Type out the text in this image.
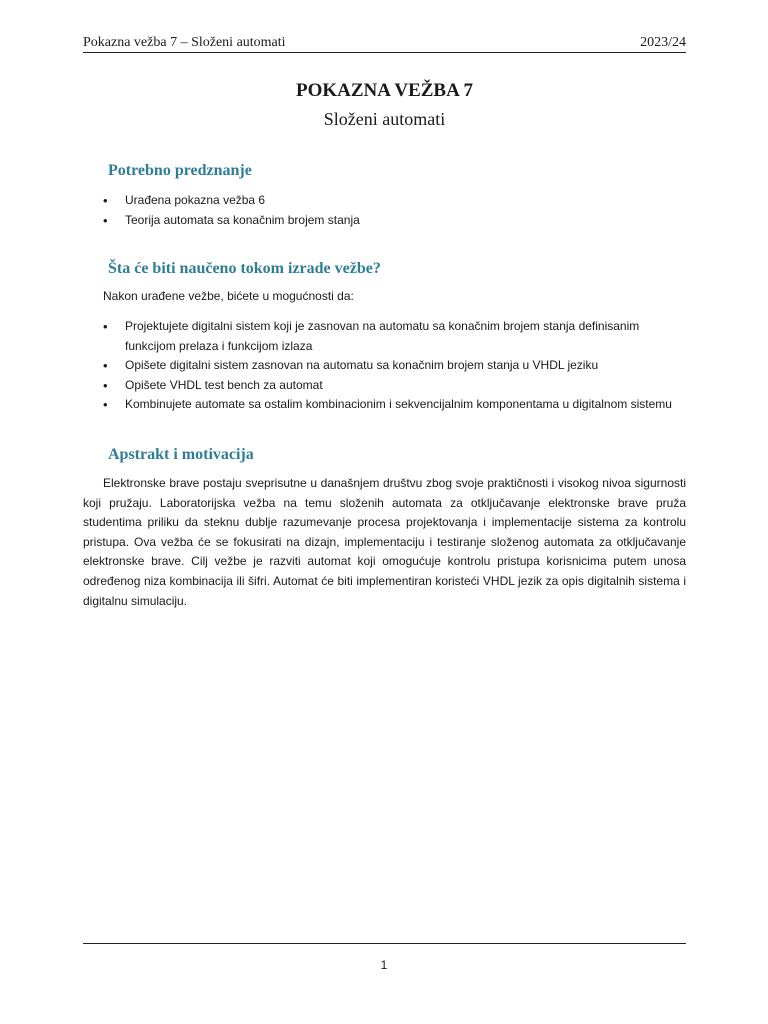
Pokazna vežba 7 – Složeni automati	2023/24
POKAZNA VEŽBA 7
Složeni automati
Potrebno predznanje
• Urađena pokazna vežba 6
• Teorija automata sa konačnim brojem stanja
Šta će biti naučeno tokom izrade vežbe?
Nakon urađene vežbe, bićete u mogućnosti da:
• Projektujete digitalni sistem koji je zasnovan na automatu sa konačnim brojem stanja definisanim funkcijom prelaza i funkcijom izlaza
• Opišete digitalni sistem zasnovan na automatu sa konačnim brojem stanja u VHDL jeziku
• Opišete VHDL test bench za automat
• Kombinujete automate sa ostalim kombinacionim i sekvencijalnim komponentama u digitalnom sistemu
Apstrakt i motivacija

Elektronske brave postaju sveprisutne u današnjem društvu zbog svoje praktičnosti i visokog nivoa sigurnosti koji pružaju. Laboratorijska vežba na temu složenih automata za otključavanje elektronske brave pruža studentima priliku da steknu dublje razumevanje procesa projektovanja i implementacije sistema za kontrolu pristupa. Ova vežba će se fokusirati na dizajn, implementaciju i testiranje složenog automata za otključavanje elektronske brave. Cilj vežbe je razviti automat koji omogućuje kontrolu pristupa korisnicima putem unosa određenog niza kombinacija ili šifri. Automat će biti implementiran koristeći VHDL jezik za opis digitalnih sistema i digitalnu simulaciju.

1
